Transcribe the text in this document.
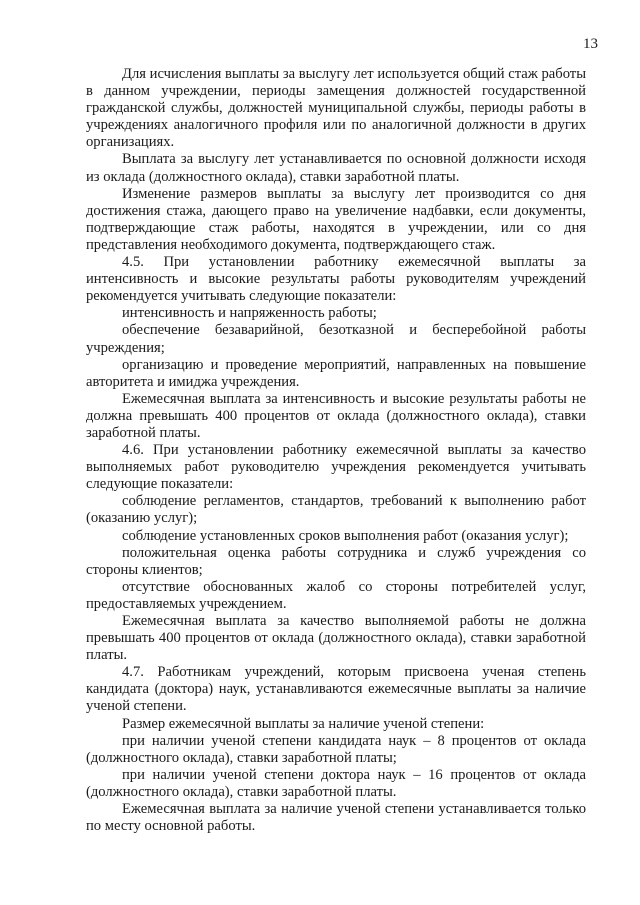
13

Для исчисления выплаты за выслугу лет используется общий стаж работы в данном учреждении, периоды замещения должностей государственной гражданской службы, должностей муниципальной службы, периоды работы в учреждениях аналогичного профиля или по аналогичной должности в других организациях.

Выплата за выслугу лет устанавливается по основной должности исходя из оклада (должностного оклада), ставки заработной платы.

Изменение размеров выплаты за выслугу лет производится со дня достижения стажа, дающего право на увеличение надбавки, если документы, подтверждающие стаж работы, находятся в учреждении, или со дня представления необходимого документа, подтверждающего стаж.

4.5. При установлении работнику ежемесячной выплаты за интенсивность и высокие результаты работы руководителям учреждений рекомендуется учитывать следующие показатели:

интенсивность и напряженность работы;

обеспечение безаварийной, безотказной и бесперебойной работы учреждения;

организацию и проведение мероприятий, направленных на повышение авторитета и имиджа учреждения.

Ежемесячная выплата за интенсивность и высокие результаты работы не должна превышать 400 процентов от оклада (должностного оклада), ставки заработной платы.

4.6. При установлении работнику ежемесячной выплаты за качество выполняемых работ руководителю учреждения рекомендуется учитывать следующие показатели:

соблюдение регламентов, стандартов, требований к выполнению работ (оказанию услуг);

соблюдение установленных сроков выполнения работ (оказания услуг);

положительная оценка работы сотрудника и служб учреждения со стороны клиентов;

отсутствие обоснованных жалоб со стороны потребителей услуг, предоставляемых учреждением.

Ежемесячная выплата за качество выполняемой работы не должна превышать 400 процентов от оклада (должностного оклада), ставки заработной платы.

4.7. Работникам учреждений, которым присвоена ученая степень кандидата (доктора) наук, устанавливаются ежемесячные выплаты за наличие ученой степени.

Размер ежемесячной выплаты за наличие ученой степени:

при наличии ученой степени кандидата наук – 8 процентов от оклада (должностного оклада), ставки заработной платы;

при наличии ученой степени доктора наук – 16 процентов от оклада (должностного оклада), ставки заработной платы.

Ежемесячная выплата за наличие ученой степени устанавливается только по месту основной работы.
